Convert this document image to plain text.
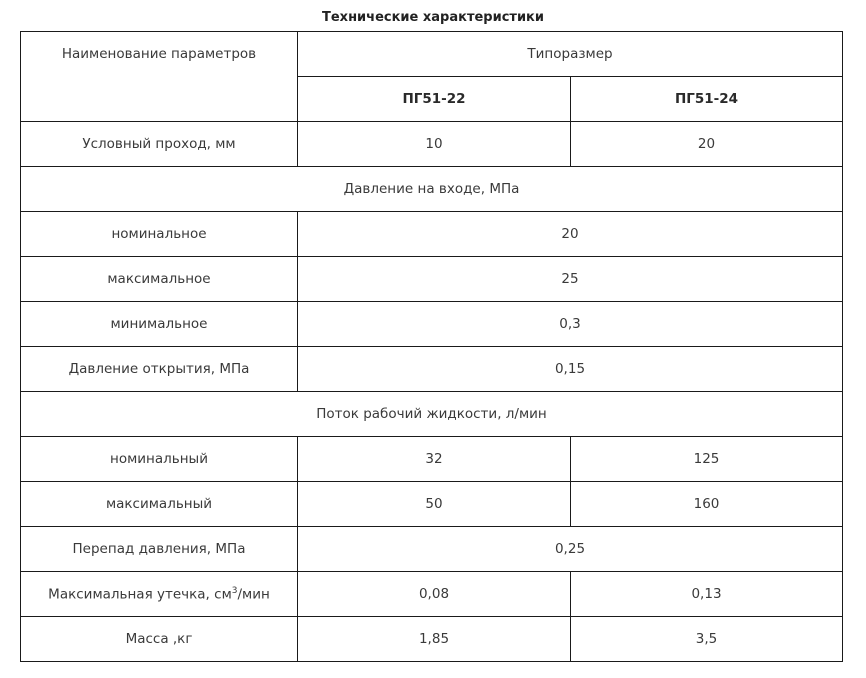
Технические характеристики
Наименование параметров	Типоразмер	
	ПГ51-22	ПГ51-24
Условный проход, мм	10	20
Давление на входе, МПа		
номинальное	20	
максимальное	25	
минимальное	0,3	
Давление открытия, МПа	0,15	
Поток рабочий жидкости, л/мин		
номинальный	32	125
максимальный	50	160
Перепад давления, МПа	0,25	
Максимальная утечка, $см^3$/мин	0,08	0,13
Масса ,кг	1,85	3,5
